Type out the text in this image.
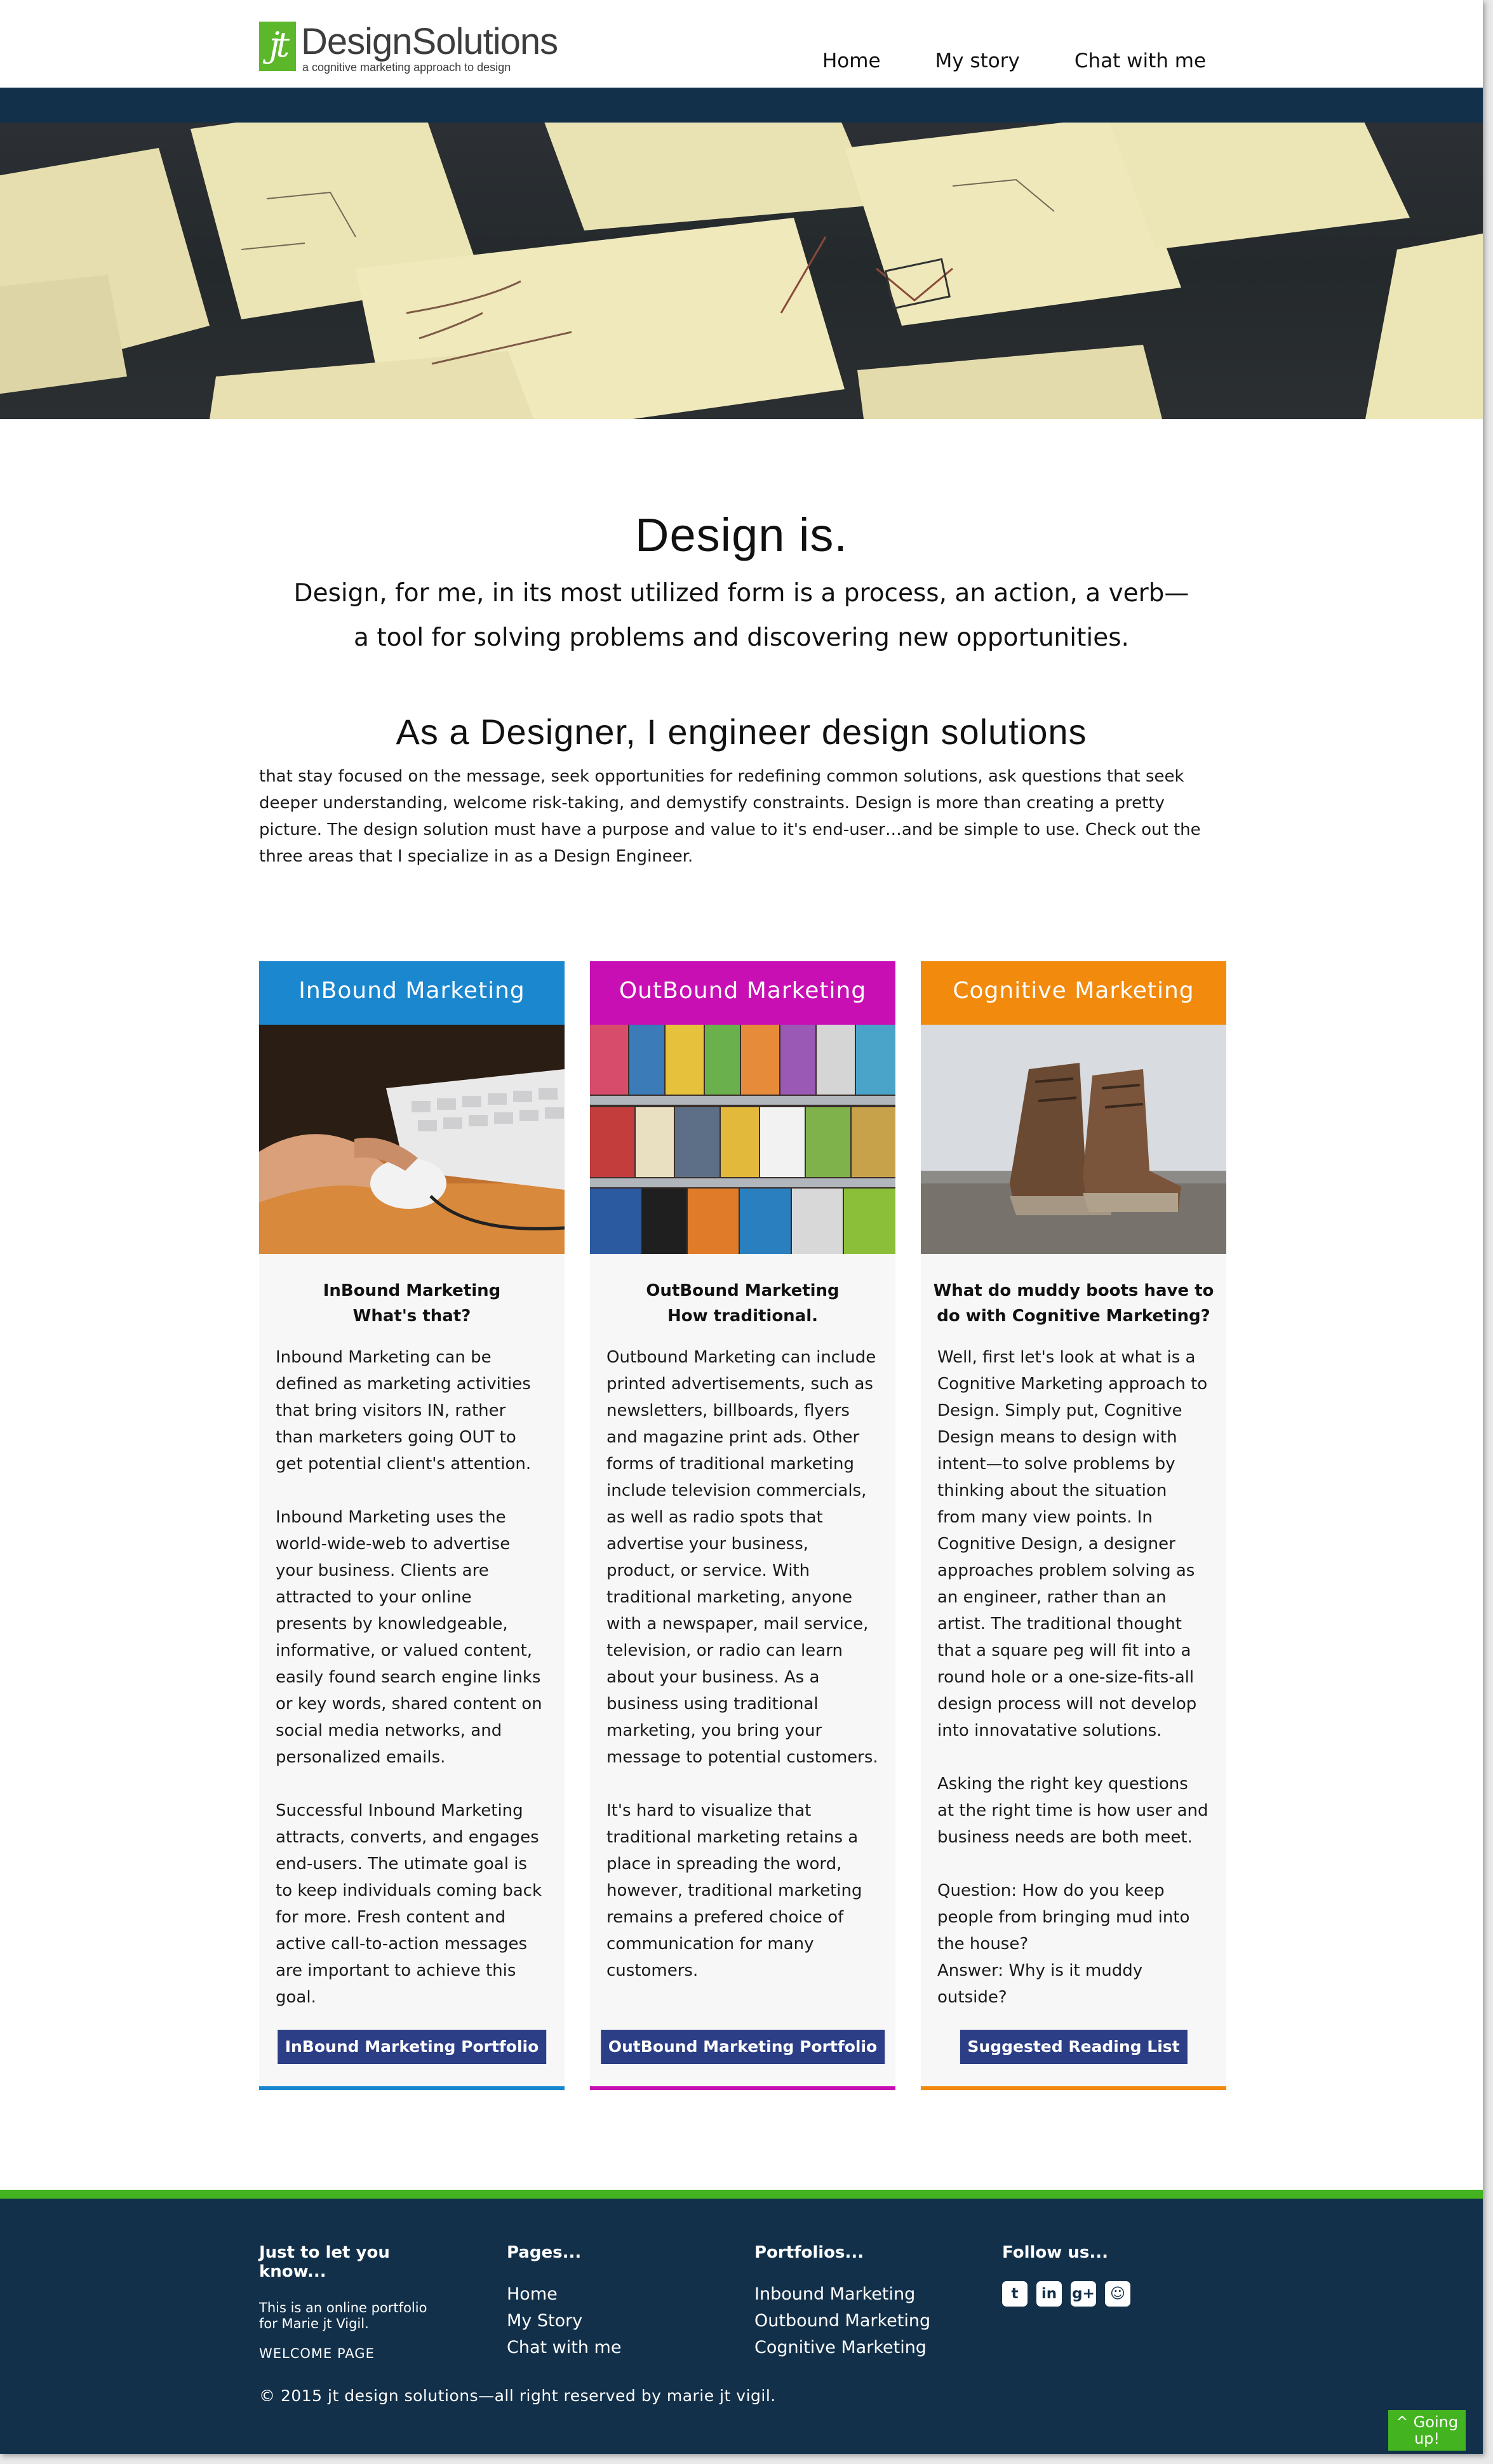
jt DesignSolutions
a cognitive marketing approach to design	Home	My story	Chat with me
Design is.
Design, for me, in its most utilized form is a process, an action, a verb—
a tool for solving problems and discovering new opportunities.
As a Designer, I engineer design solutions
that stay focused on the message, seek opportunities for redefining common solutions, ask questions that seek deeper understanding, welcome risk-taking, and demystify constraints. Design is more than creating a pretty picture. The design solution must have a purpose and value to it's end-user…and be simple to use. Check out the three areas that I specialize in as a Design Engineer.
InBound Marketing
InBound Marketing
What's that?

Inbound Marketing can be defined as marketing activities that bring visitors IN, rather than marketers going OUT to get potential client's attention.

Inbound Marketing uses the world-wide-web to advertise your business. Clients are attracted to your online presents by knowledgeable, informative, or valued content, easily found search engine links or key words, shared content on social media networks, and personalized emails.

Successful Inbound Marketing attracts, converts, and engages end-users. The utimate goal is to keep individuals coming back for more. Fresh content and active call-to-action messages are important to achieve this goal.

InBound Marketing Portfolio
OutBound Marketing
OutBound Marketing
How traditional.

Outbound Marketing can include printed advertisements, such as newsletters, billboards, flyers and magazine print ads. Other forms of traditional marketing include television commercials, as well as radio spots that advertise your business, product, or service. With traditional marketing, anyone with a newspaper, mail service, television, or radio can learn about your business. As a business using traditional marketing, you bring your message to potential customers.

It's hard to visualize that traditional marketing retains a place in spreading the word, however, traditional marketing remains a prefered choice of communication for many customers.

OutBound Marketing Portfolio
Cognitive Marketing
What do muddy boots have to
do with Cognitive Marketing?

Well, first let's look at what is a Cognitive Marketing approach to Design. Simply put, Cognitive Design means to design with intent—to solve problems by thinking about the situation from many view points. In Cognitive Design, a designer approaches problem solving as an engineer, rather than an artist. The traditional thought that a square peg will fit into a round hole or a one-size-fits-all design process will not develop into innovatative solutions.

Asking the right key questions at the right time is how user and business needs are both meet.

Question: How do you keep people from bringing mud into the house?
Answer: Why is it muddy outside?

Suggested Reading List
Just to let you know...
This is an online portfolio for Marie jt Vigil.
WELCOME PAGE
Pages...
Home
My Story
Chat with me
Portfolios...
Inbound Marketing
Outbound Marketing
Cognitive Marketing
Follow us...
t	in	g+	☺
© 2015 jt design solutions—all right reserved by marie jt vigil.
^ Going up!
